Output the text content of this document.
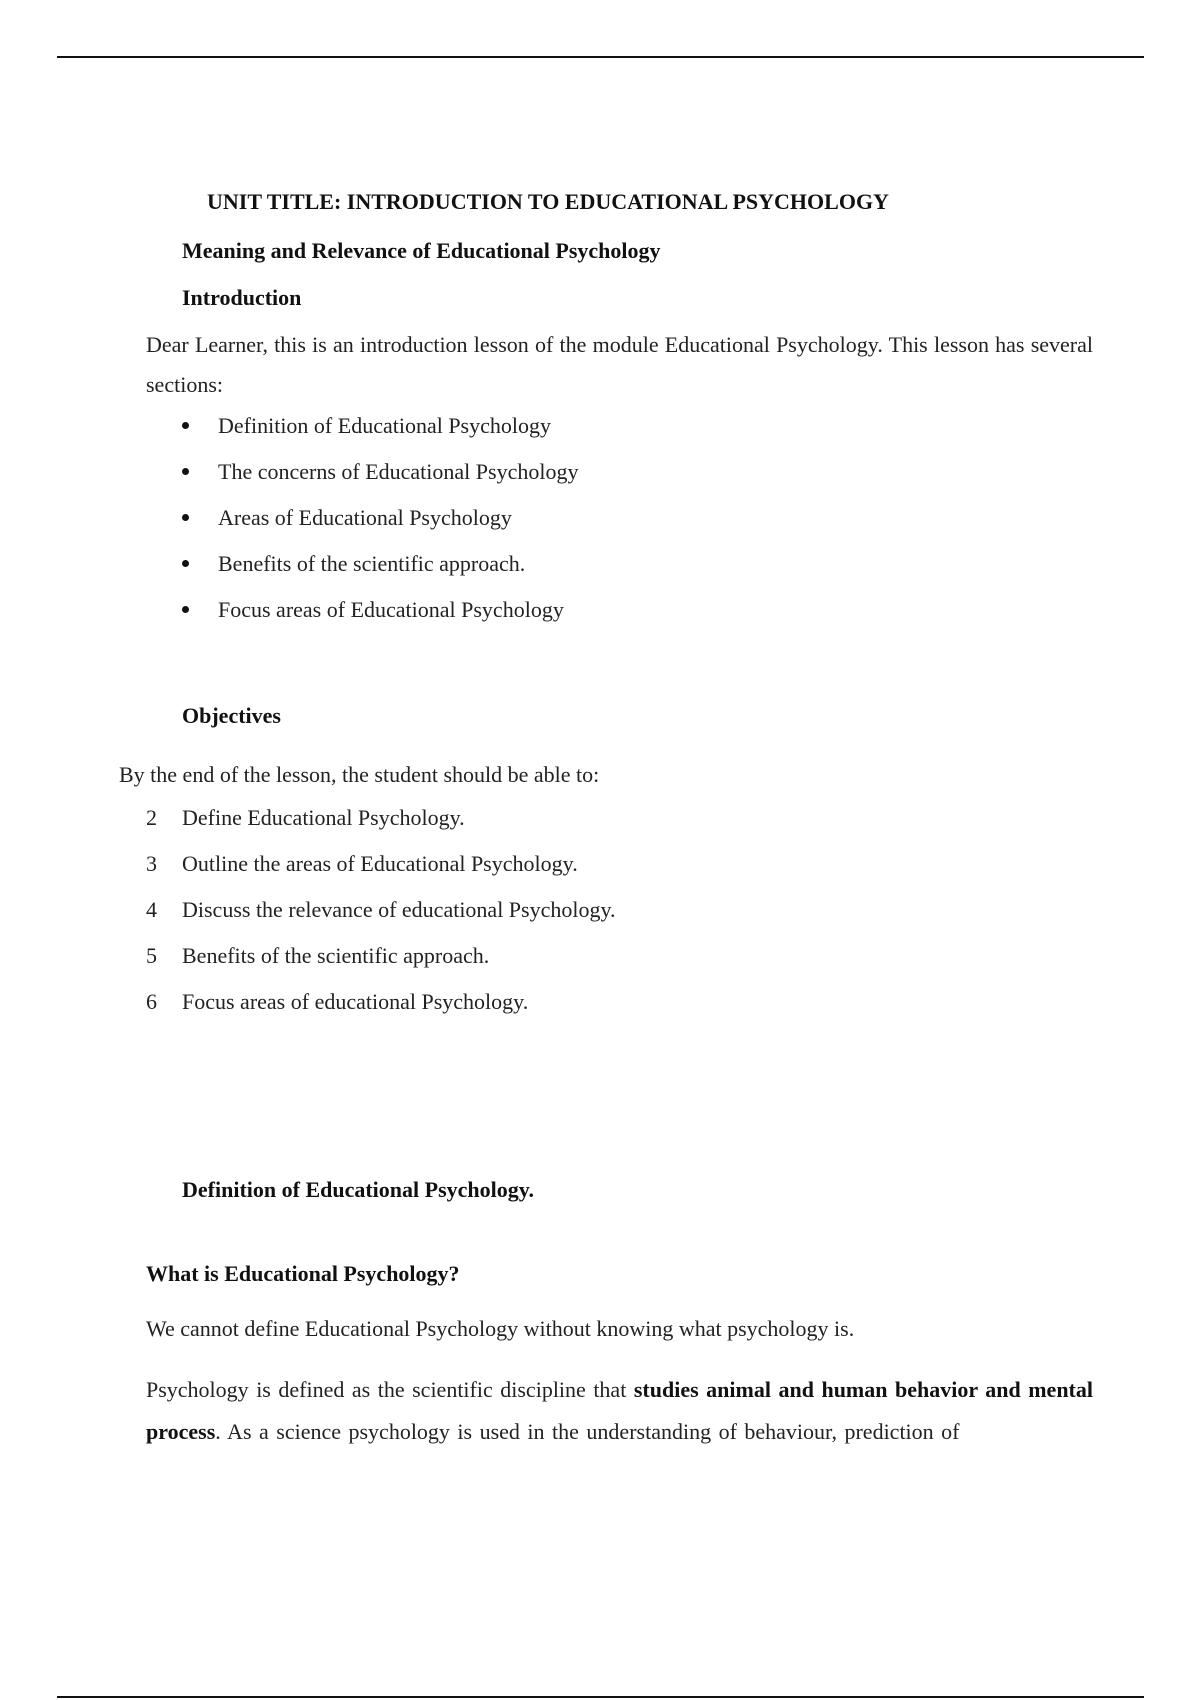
UNIT TITLE: INTRODUCTION TO EDUCATIONAL PSYCHOLOGY
Meaning and Relevance of Educational Psychology
Introduction
Dear Learner, this is an introduction lesson of the module Educational Psychology. This lesson has several sections:
Definition of Educational Psychology
The concerns of Educational Psychology
Areas of Educational Psychology
Benefits of the scientific approach.
Focus areas of Educational Psychology
Objectives
By the end of the lesson, the student should be able to:
2 Define Educational Psychology.
3 Outline the areas of Educational Psychology.
4 Discuss the relevance of educational Psychology.
5 Benefits of the scientific approach.
6 Focus areas of educational Psychology.
Definition of Educational Psychology.
What is Educational Psychology?
We cannot define Educational Psychology without knowing what psychology is.
Psychology is defined as the scientific discipline that studies animal and human behavior and mental process. As a science psychology is used in the understanding of behaviour, prediction of
